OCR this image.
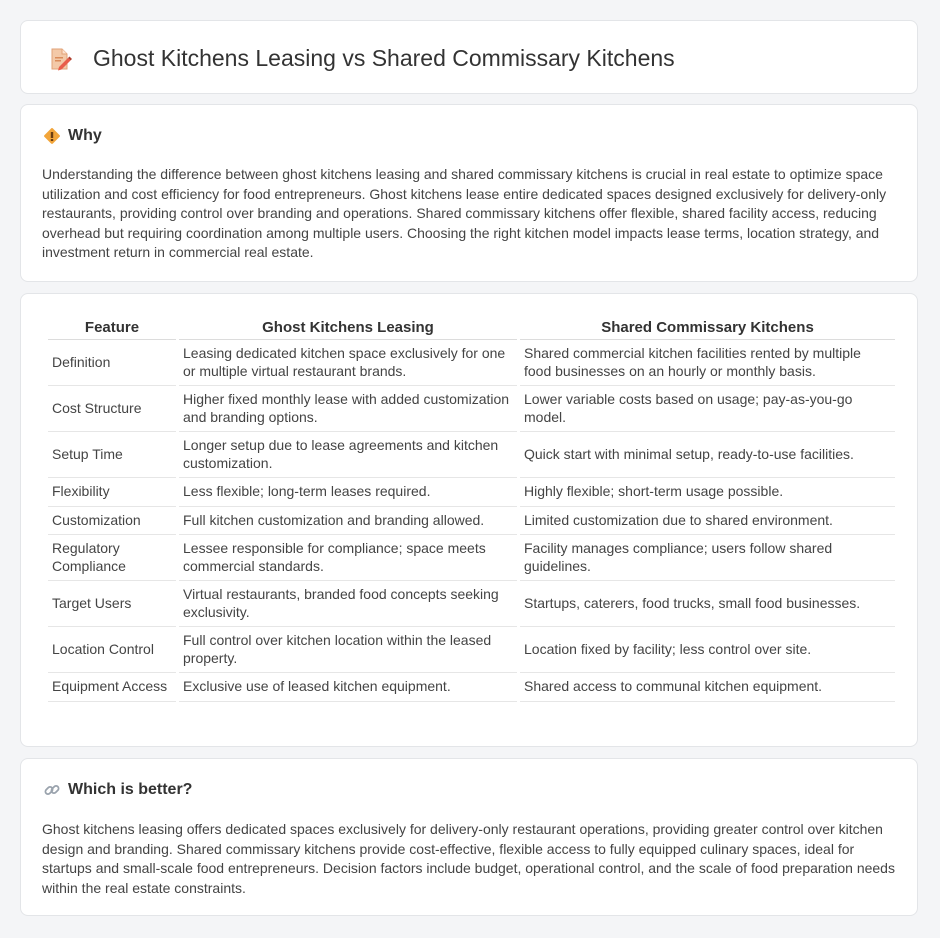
Ghost Kitchens Leasing vs Shared Commissary Kitchens
Why
Understanding the difference between ghost kitchens leasing and shared commissary kitchens is crucial in real estate to optimize space utilization and cost efficiency for food entrepreneurs. Ghost kitchens lease entire dedicated spaces designed exclusively for delivery-only restaurants, providing control over branding and operations. Shared commissary kitchens offer flexible, shared facility access, reducing overhead but requiring coordination among multiple users. Choosing the right kitchen model impacts lease terms, location strategy, and investment return in commercial real estate.
Feature	Ghost Kitchens Leasing	Shared Commissary Kitchens
Definition	Leasing dedicated kitchen space exclusively for one or multiple virtual restaurant brands.	Shared commercial kitchen facilities rented by multiple food businesses on an hourly or monthly basis.
Cost Structure	Higher fixed monthly lease with added customization and branding options.	Lower variable costs based on usage; pay-as-you-go model.
Setup Time	Longer setup due to lease agreements and kitchen customization.	Quick start with minimal setup, ready-to-use facilities.
Flexibility	Less flexible; long-term leases required.	Highly flexible; short-term usage possible.
Customization	Full kitchen customization and branding allowed.	Limited customization due to shared environment.
Regulatory Compliance	Lessee responsible for compliance; space meets commercial standards.	Facility manages compliance; users follow shared guidelines.
Target Users	Virtual restaurants, branded food concepts seeking exclusivity.	Startups, caterers, food trucks, small food businesses.
Location Control	Full control over kitchen location within the leased property.	Location fixed by facility; less control over site.
Equipment Access	Exclusive use of leased kitchen equipment.	Shared access to communal kitchen equipment.
Which is better?
Ghost kitchens leasing offers dedicated spaces exclusively for delivery-only restaurant operations, providing greater control over kitchen design and branding. Shared commissary kitchens provide cost-effective, flexible access to fully equipped culinary spaces, ideal for startups and small-scale food entrepreneurs. Decision factors include budget, operational control, and the scale of food preparation needs within the real estate constraints.
